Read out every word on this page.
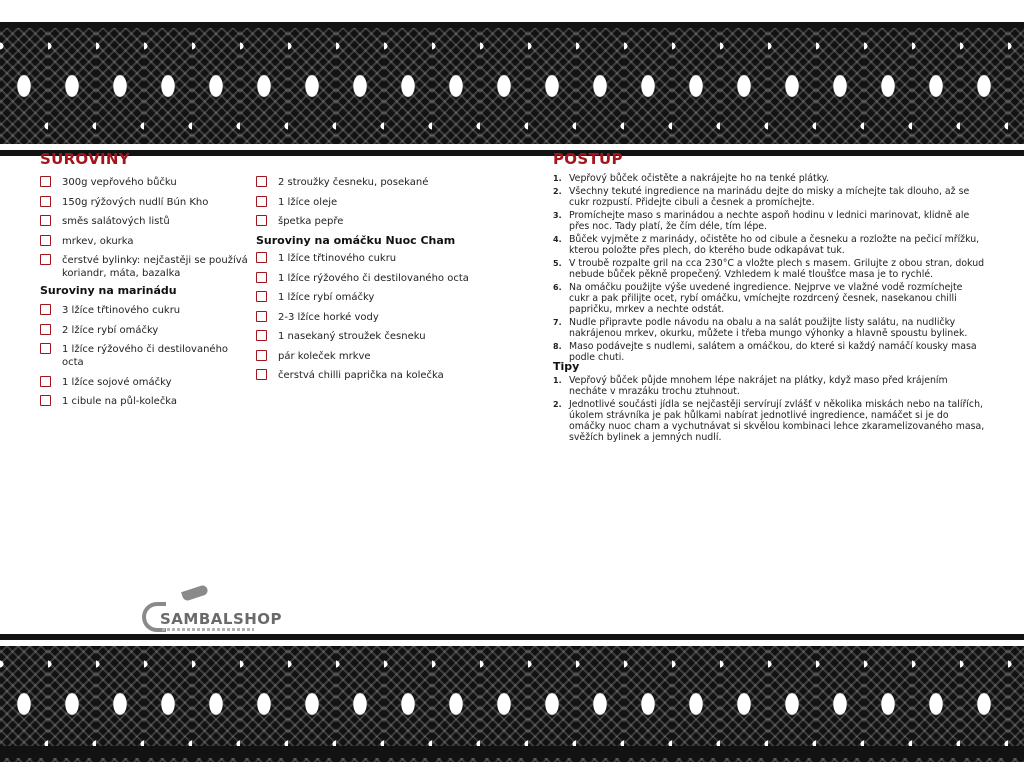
SUROVINY
300g vepřového bůčku
150g rýžových nudlí Bún Kho
směs salátových listů
mrkev, okurka
čerstvé bylinky: nejčastěji se používá koriandr, máta, bazalka
Suroviny na marinádu
3 lžíce třtinového cukru
2 lžíce rybí omáčky
1 lžíce rýžového či destilovaného octa
1 lžíce sojové omáčky
1 cibule na půl-kolečka
2 stroužky česneku, posekané
1 lžíce oleje
špetka pepře
Suroviny na omáčku Nuoc Cham
1 lžíce třtinového cukru
1 lžíce rýžového či destilovaného octa
1 lžíce rybí omáčky
2-3 lžíce horké vody
1 nasekaný stroužek česneku
pár koleček mrkve
čerstvá chilli paprička na kolečka
POSTUP
1. Vepřový bůček očistěte a nakrájejte ho na tenké plátky.
2. Všechny tekuté ingredience na marinádu dejte do misky a míchejte tak dlouho, až se cukr rozpustí. Přidejte cibuli a česnek a promíchejte.
3. Promíchejte maso s marinádou a nechte aspoň hodinu v lednici marinovat, klidně ale přes noc. Tady platí, že čím déle, tím lépe.
4. Bůček vyjměte z marinády, očistěte ho od cibule a česneku a rozložte na pečicí mřížku, kterou položte přes plech, do kterého bude odkapávat tuk.
5. V troubě rozpalte gril na cca 230°C a vložte plech s masem. Grilujte z obou stran, dokud nebude bůček pěkně propečený. Vzhledem k malé tloušťce masa je to rychlé.
6. Na omáčku použijte výše uvedené ingredience. Nejprve ve vlažné vodě rozmíchejte cukr a pak přilijte ocet, rybí omáčku, vmíchejte rozdrcený česnek, nasekanou chilli papričku, mrkev a nechte odstát.
7. Nudle připravte podle návodu na obalu a na salát použijte listy salátu, na nudličky nakrájenou mrkev, okurku, můžete i třeba mungo výhonky a hlavně spoustu bylinek.
8. Maso podávejte s nudlemi, salátem a omáčkou, do které si každý namáčí kousky masa podle chuti.
Tipy
1. Vepřový bůček půjde mnohem lépe nakrájet na plátky, když maso před krájením necháte v mrazáku trochu ztuhnout.
2. Jednotlivé součásti jídla se nejčastěji servírují zvlášť v několika miskách nebo na talířích, úkolem strávníka je pak hůlkami nabírat jednotlivé ingredience, namáčet si je do omáčky nuoc cham a vychutnávat si skvělou kombinaci lehce zkaramelizovaného masa, svěžích bylinek a jemných nudlí.
SAMBALSHOP
